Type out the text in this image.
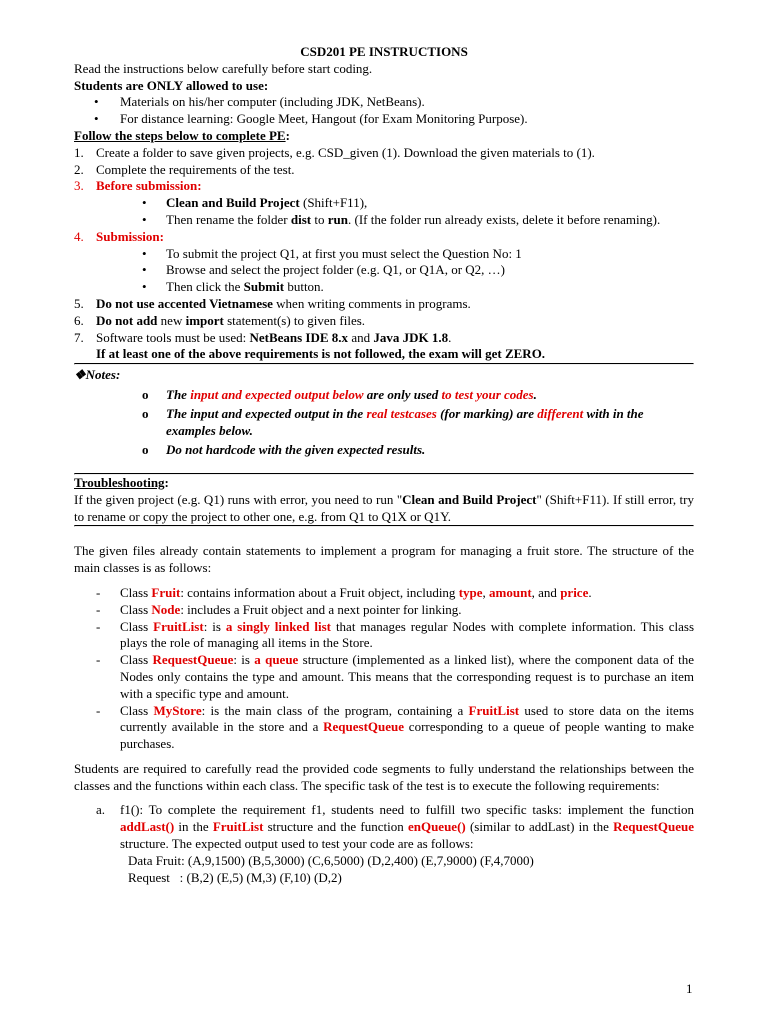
CSD201 PE INSTRUCTIONS
Read the instructions below carefully before start coding.
Students are ONLY allowed to use:
• Materials on his/her computer (including JDK, NetBeans).
• For distance learning: Google Meet, Hangout (for Exam Monitoring Purpose).
Follow the steps below to complete PE:
1. Create a folder to save given projects, e.g. CSD_given (1). Download the given materials to (1).
2. Complete the requirements of the test.
3. Before submission:
• Clean and Build Project (Shift+F11),
• Then rename the folder dist to run. (If the folder run already exists, delete it before renaming).
4. Submission:
• To submit the project Q1, at first you must select the Question No: 1
• Browse and select the project folder (e.g. Q1, or Q1A, or Q2, …)
• Then click the Submit button.
5. Do not use accented Vietnamese when writing comments in programs.
6. Do not add new import statement(s) to given files.
7. Software tools must be used: NetBeans IDE 8.x and Java JDK 1.8.
If at least one of the above requirements is not followed, the exam will get ZERO.
❖Notes:
o The input and expected output below are only used to test your codes.
o The input and expected output in the real testcases (for marking) are different with in the examples below.
o Do not hardcode with the given expected results.
Troubleshooting:
If the given project (e.g. Q1) runs with error, you need to run "Clean and Build Project" (Shift+F11). If still error, try to rename or copy the project to other one, e.g. from Q1 to Q1X or Q1Y.
The given files already contain statements to implement a program for managing a fruit store. The structure of the main classes is as follows:
- Class Fruit: contains information about a Fruit object, including type, amount, and price.
- Class Node: includes a Fruit object and a next pointer for linking.
- Class FruitList: is a singly linked list that manages regular Nodes with complete information. This class plays the role of managing all items in the Store.
- Class RequestQueue: is a queue structure (implemented as a linked list), where the component data of the Nodes only contains the type and amount. This means that the corresponding request is to purchase an item with a specific type and amount.
- Class MyStore: is the main class of the program, containing a FruitList used to store data on the items currently available in the store and a RequestQueue corresponding to a queue of people wanting to make purchases.
Students are required to carefully read the provided code segments to fully understand the relationships between the classes and the functions within each class. The specific task of the test is to execute the following requirements:
a. f1(): To complete the requirement f1, students need to fulfill two specific tasks: implement the function addLast() in the FruitList structure and the function enQueue() (similar to addLast) in the RequestQueue structure. The expected output used to test your code are as follows:
Data Fruit: (A,9,1500) (B,5,3000) (C,6,5000) (D,2,400) (E,7,9000) (F,4,7000)
Request   : (B,2) (E,5) (M,3) (F,10) (D,2)
1
